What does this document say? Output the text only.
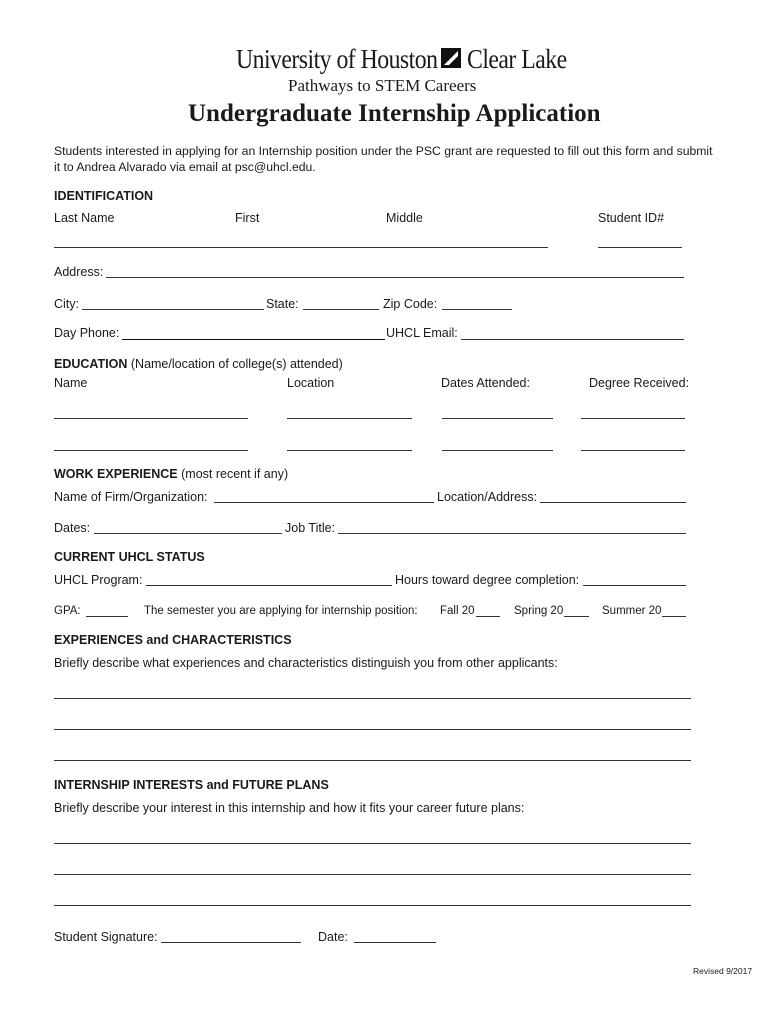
University of Houston Clear Lake
Pathways to STEM Careers
Undergraduate Internship Application
Students interested in applying for an Internship position under the PSC grant are requested to fill out this form and submit
it to Andrea Alvarado via email at psc@uhcl.edu.
IDENTIFICATION
Last Name	First	Middle	Student ID#
Address:
City:	State:	Zip Code:
Day Phone:	UHCL Email:
EDUCATION (Name/location of college(s) attended)
Name	Location	Dates Attended:	Degree Received:
WORK EXPERIENCE (most recent if any)
Name of Firm/Organization:	Location/Address:
Dates:	Job Title:
CURRENT UHCL STATUS
UHCL Program:	Hours toward degree completion:
GPA:	The semester you are applying for internship position: Fall 20	Spring 20	Summer 20
EXPERIENCES and CHARACTERISTICS
Briefly describe what experiences and characteristics distinguish you from other applicants:
INTERNSHIP INTERESTS and FUTURE PLANS
Briefly describe your interest in this internship and how it fits your career future plans:
Student Signature:	Date:
Revised 9/2017
